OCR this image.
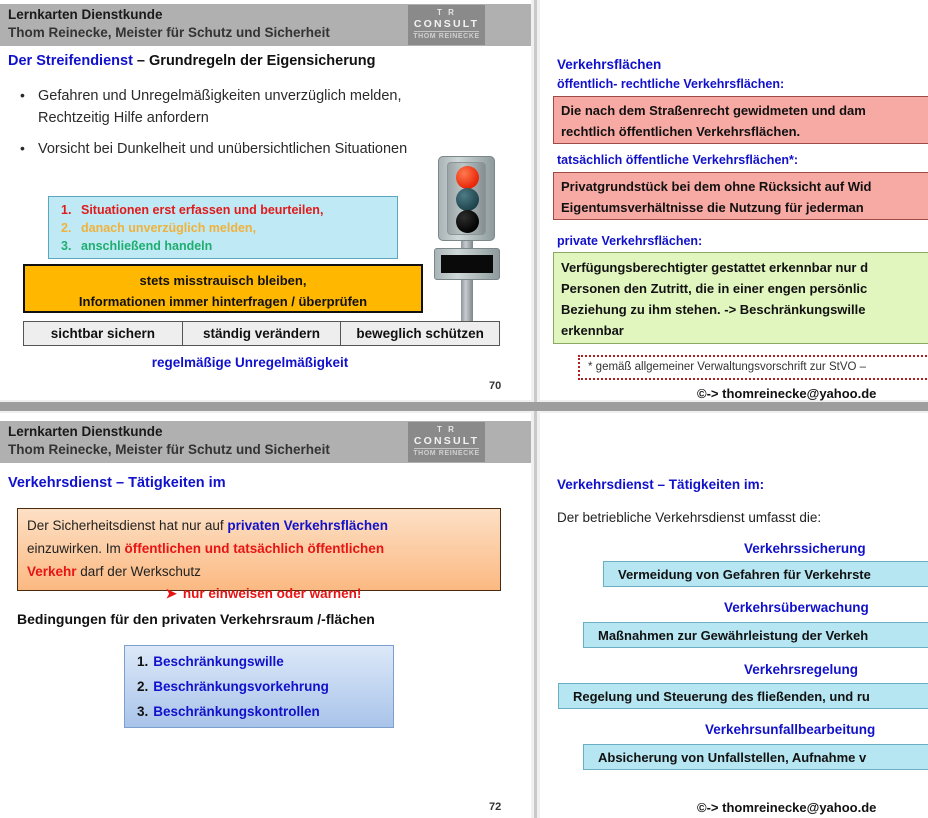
Lernkarten Dienstkunde
Thom Reinecke, Meister für Schutz und Sicherheit
T R
CONSULT
THOM REINECKE
Der Streifendienst – Grundregeln der Eigensicherung
• Gefahren und Unregelmäßigkeiten unverzüglich melden, Rechtzeitig Hilfe anfordern
• Vorsicht bei Dunkelheit und unübersichtlichen Situationen
1. Situationen erst erfassen und beurteilen,
2. danach unverzüglich melden,
3. anschließend handeln
stets misstrauisch bleiben,
Informationen immer hinterfragen / überprüfen
sichtbar sichern	ständig verändern	beweglich schützen
regelmäßige Unregelmäßigkeit
70
Verkehrsflächen
öffentlich- rechtliche Verkehrsflächen:

Die nach dem Straßenrecht gewidmeten und dam

rechtlich öffentlichen Verkehrsflächen.

tatsächlich öffentliche Verkehrsflächen*:

Privatgrundstück bei dem ohne Rücksicht auf Wid

Eigentumsverhältnisse die Nutzung für jederman

private Verkehrsflächen:

Verfügungsberechtigter gestattet erkennbar nur d

Personen den Zutritt, die in einer engen persönlic

Beziehung zu ihm stehen. -> Beschränkungswille

erkennbar

* gemäß allgemeiner Verwaltungsvorschrift zur StVO –
©-> thomreinecke@yahoo.de
Lernkarten Dienstkunde
Thom Reinecke, Meister für Schutz und Sicherheit
T R
CONSULT
THOM REINECKE
Verkehrsdienst – Tätigkeiten im

Der Sicherheitsdienst hat nur auf privaten Verkehrsflächen

einzuwirken. Im öffentlichen und tatsächlich öffentlichen

Verkehr darf der Werkschutz

➤ nur einweisen oder warnen!
Bedingungen für den privaten Verkehrsraum /-flächen
1. Beschränkungswille
2. Beschränkungsvorkehrung
3. Beschränkungskontrollen
72
Verkehrsdienst – Tätigkeiten im:
Der betriebliche Verkehrsdienst umfasst die:
Verkehrssicherung
Vermeidung von Gefahren für Verkehrste
Verkehrsüberwachung
Maßnahmen zur Gewährleistung der Verkeh
Verkehrsregelung
Regelung und Steuerung des fließenden, und ru
Verkehrsunfallbearbeitung
Absicherung von Unfallstellen, Aufnahme v
©-> thomreinecke@yahoo.de
